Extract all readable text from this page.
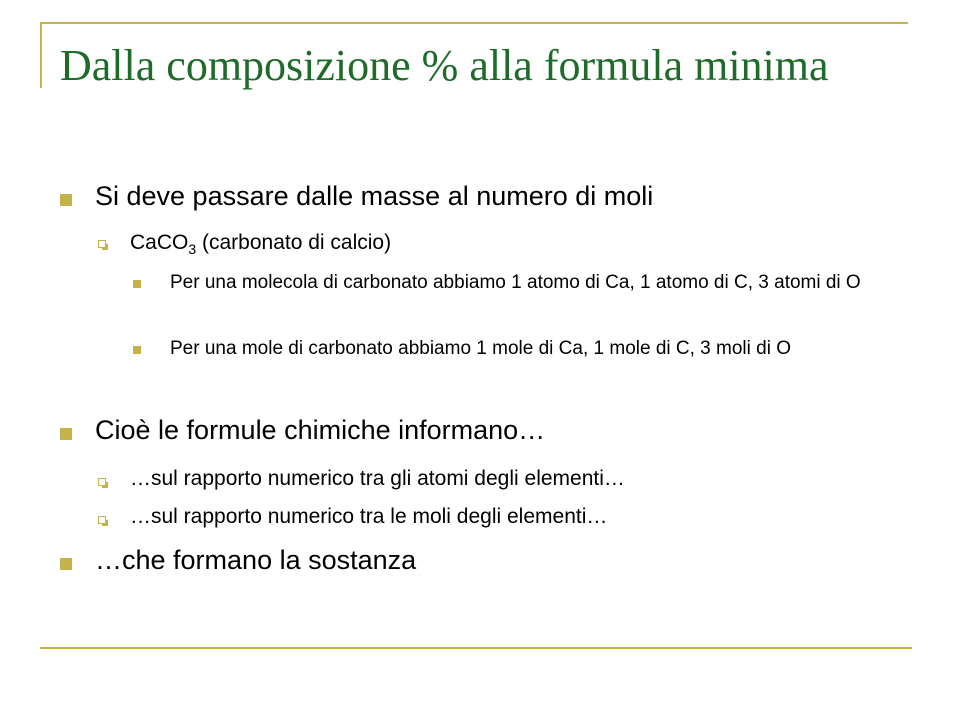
Dalla composizione % alla formula minima
Si deve passare dalle masse al numero di moli
CaCO$_3$ (carbonato di calcio)
Per una molecola di carbonato abbiamo 1 atomo di Ca, 1 atomo di C, 3 atomi di O
Per una mole di carbonato abbiamo 1 mole di Ca, 1 mole di C, 3 moli di O
Cioè le formule chimiche informano…
…sul rapporto numerico tra gli atomi degli elementi…
…sul rapporto numerico tra le moli degli elementi…
…che formano la sostanza
